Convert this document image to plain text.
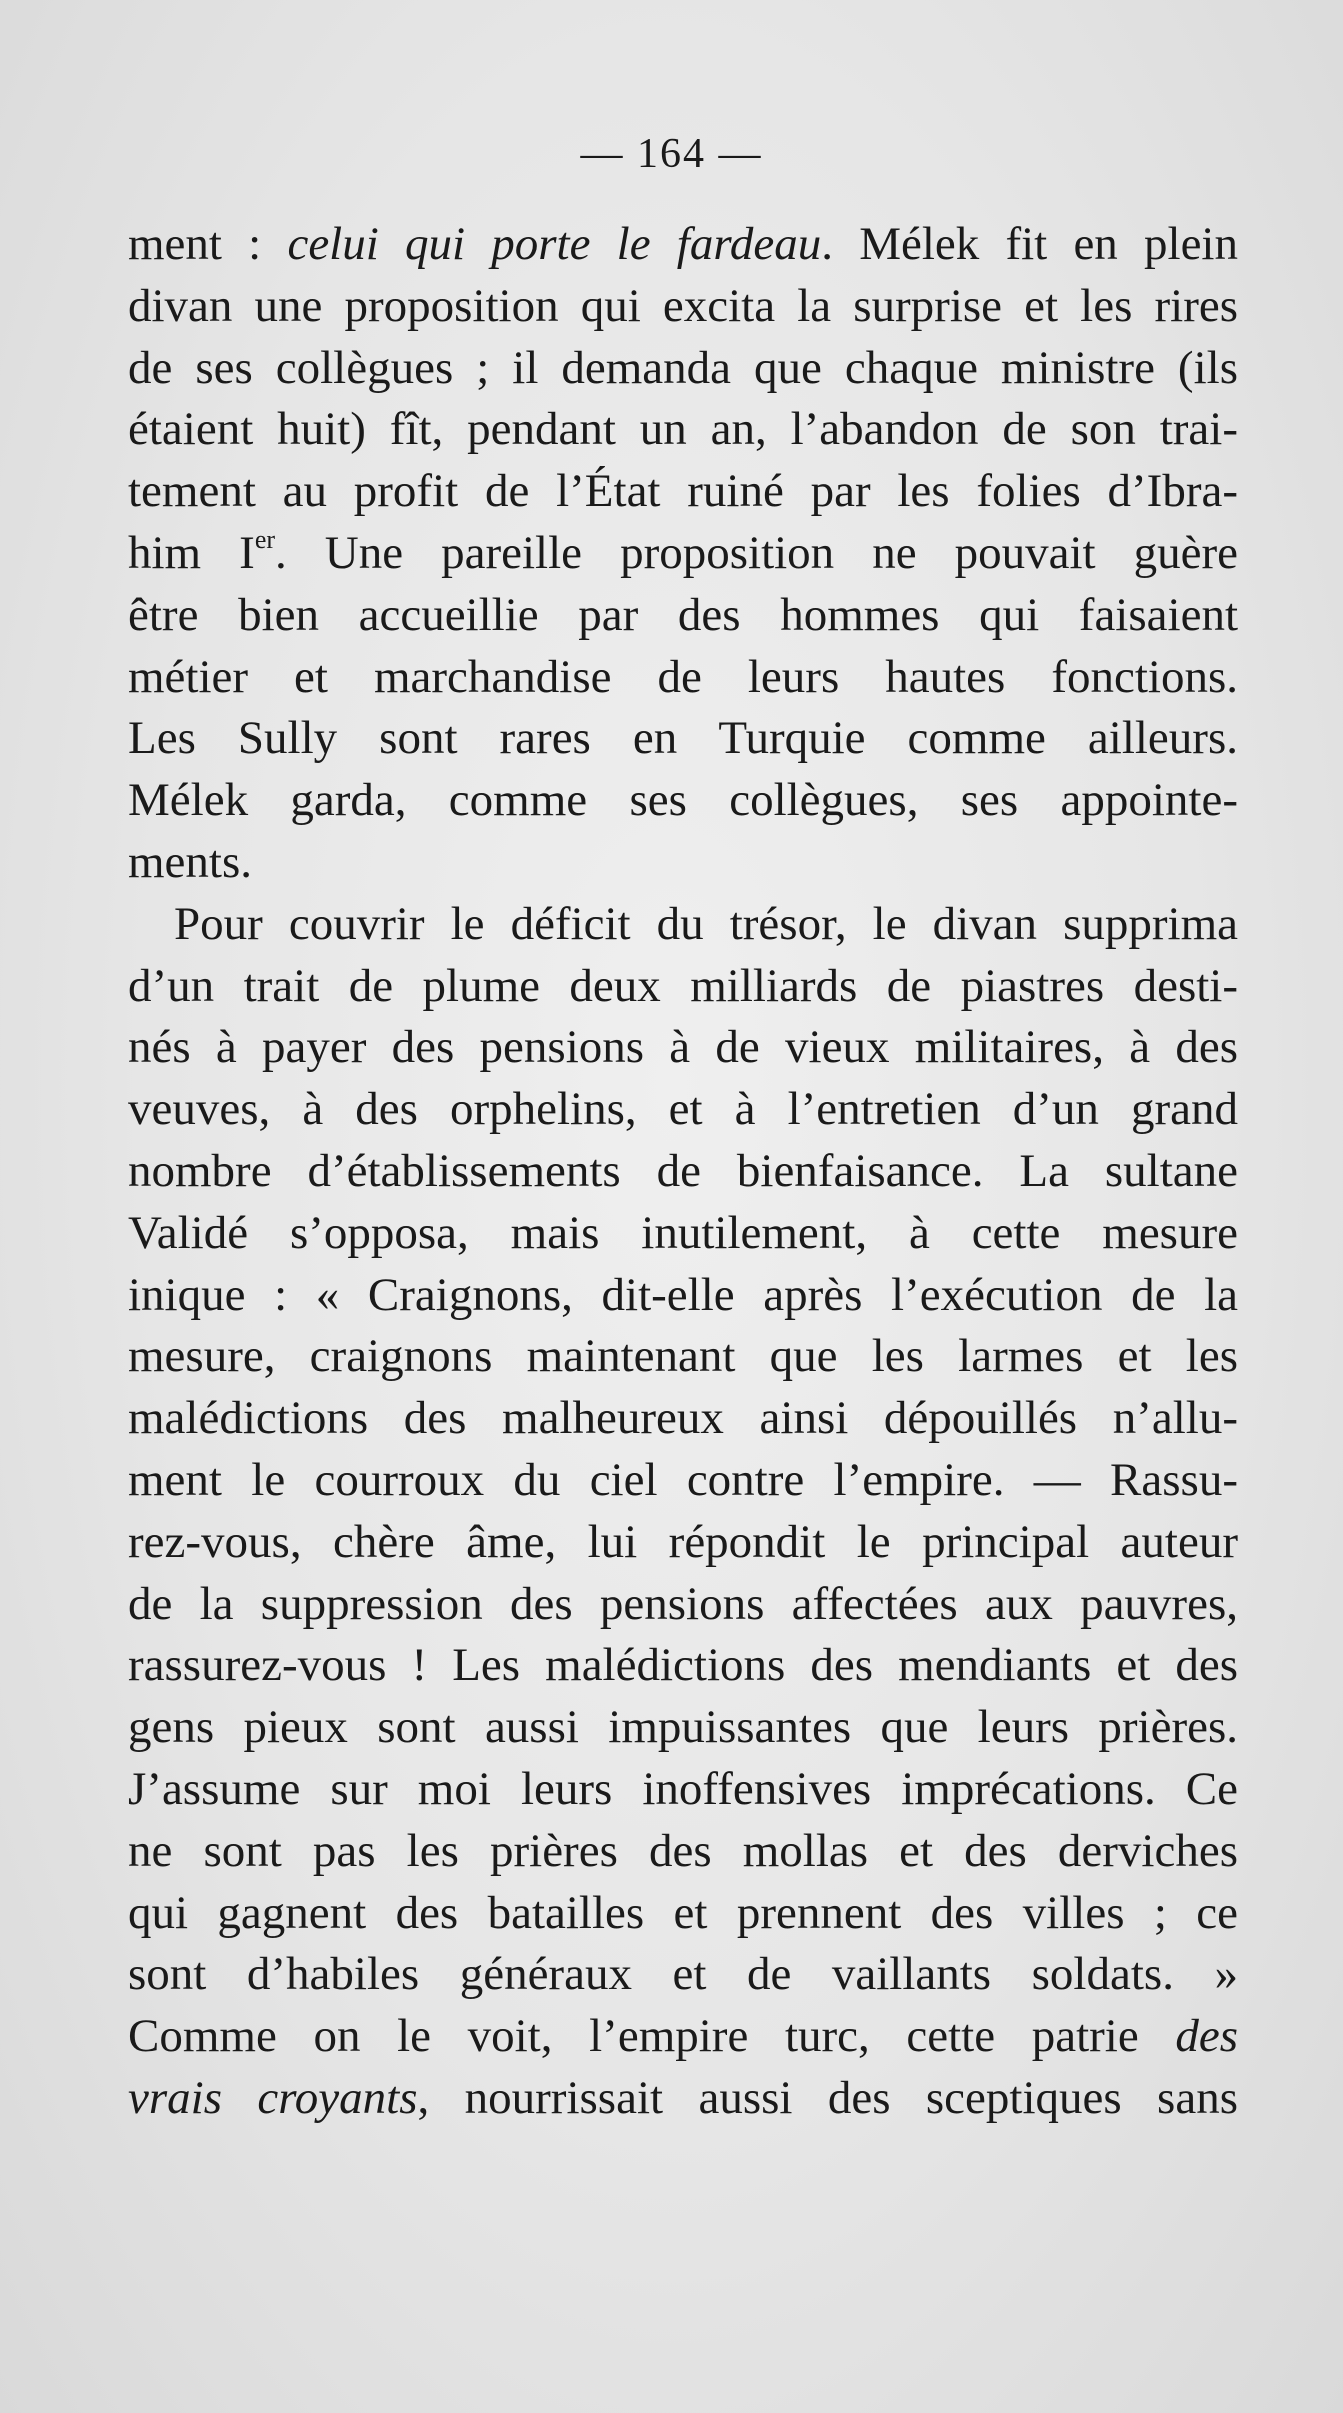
— 164 —
ment : celui qui porte le fardeau. Mélek fit en plein
divan une proposition qui excita la surprise et les rires
de ses collègues ; il demanda que chaque ministre (ils
étaient huit) fît, pendant un an, l’abandon de son trai-
tement au profit de l’État ruiné par les folies d’Ibra-
him Ier. Une pareille proposition ne pouvait guère
être bien accueillie par des hommes qui faisaient
métier et marchandise de leurs hautes fonctions.
Les Sully sont rares en Turquie comme ailleurs.
Mélek garda, comme ses collègues, ses appointe-
ments.
Pour couvrir le déficit du trésor, le divan supprima
d’un trait de plume deux milliards de piastres desti-
nés à payer des pensions à de vieux militaires, à des
veuves, à des orphelins, et à l’entretien d’un grand
nombre d’établissements de bienfaisance. La sultane
Validé s’opposa, mais inutilement, à cette mesure
inique : « Craignons, dit-elle après l’exécution de la
mesure, craignons maintenant que les larmes et les
malédictions des malheureux ainsi dépouillés n’allu-
ment le courroux du ciel contre l’empire. — Rassu-
rez-vous, chère âme, lui répondit le principal auteur
de la suppression des pensions affectées aux pauvres,
rassurez-vous ! Les malédictions des mendiants et des
gens pieux sont aussi impuissantes que leurs prières.
J’assume sur moi leurs inoffensives imprécations. Ce
ne sont pas les prières des mollas et des derviches
qui gagnent des batailles et prennent des villes ; ce
sont d’habiles généraux et de vaillants soldats. »
Comme on le voit, l’empire turc, cette patrie des
vrais croyants, nourrissait aussi des sceptiques sans
